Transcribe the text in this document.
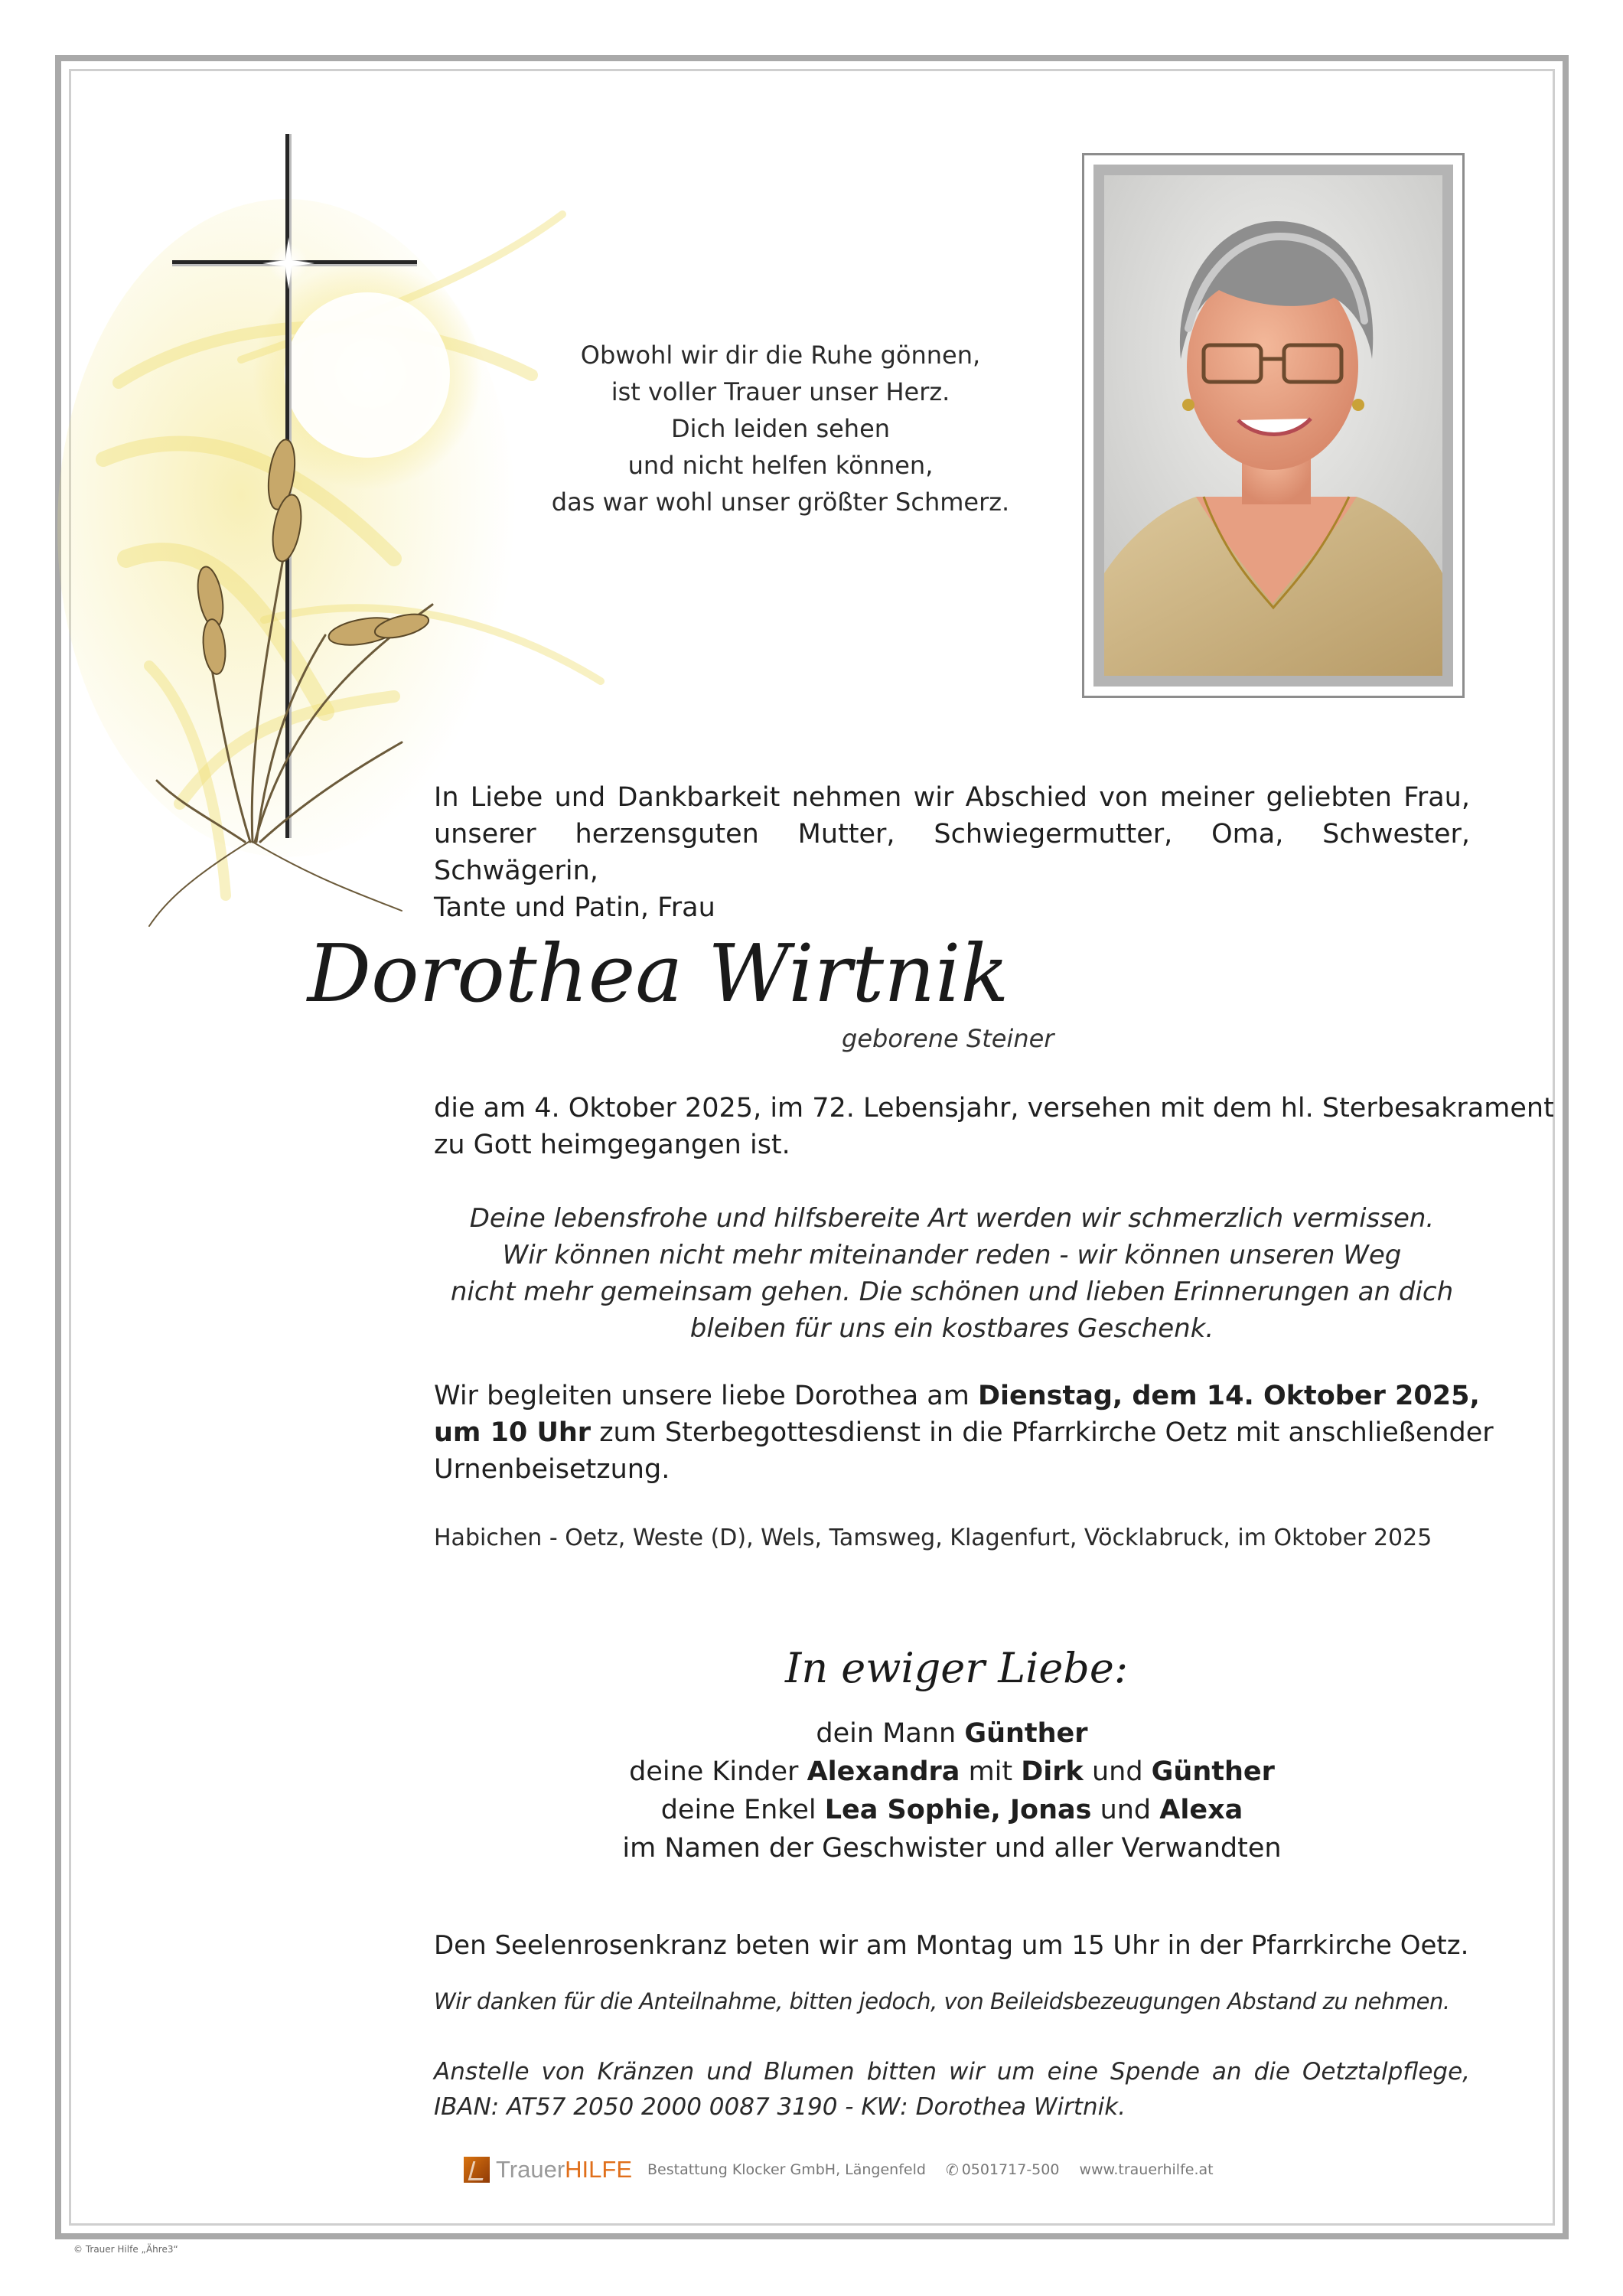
Obwohl wir dir die Ruhe gönnen,
ist voller Trauer unser Herz.
Dich leiden sehen
und nicht helfen können,
das war wohl unser größter Schmerz.
In Liebe und Dankbarkeit nehmen wir Abschied von meiner geliebten Frau,
unserer herzensguten Mutter, Schwiegermutter, Oma, Schwester, Schwägerin,
Tante und Patin, Frau
Dorothea Wirtnik
geborene Steiner
die am 4. Oktober 2025, im 72. Lebensjahr, versehen mit dem hl. Sterbesakrament
zu Gott heimgegangen ist.
Deine lebensfrohe und hilfsbereite Art werden wir schmerzlich vermissen.
Wir können nicht mehr miteinander reden - wir können unseren Weg
nicht mehr gemeinsam gehen. Die schönen und lieben Erinnerungen an dich
bleiben für uns ein kostbares Geschenk.
Wir begleiten unsere liebe Dorothea am Dienstag, dem 14. Oktober 2025,
um 10 Uhr zum Sterbegottesdienst in die Pfarrkirche Oetz mit anschließender
Urnenbeisetzung.
Habichen - Oetz, Weste (D), Wels, Tamsweg, Klagenfurt, Vöcklabruck, im Oktober 2025
In ewiger Liebe:
dein Mann Günther
deine Kinder Alexandra mit Dirk und Günther
deine Enkel Lea Sophie, Jonas und Alexa
im Namen der Geschwister und aller Verwandten
Den Seelenrosenkranz beten wir am Montag um 15 Uhr in der Pfarrkirche Oetz.
Wir danken für die Anteilnahme, bitten jedoch, von Beileidsbezeugungen Abstand zu nehmen.
Anstelle von Kränzen und Blumen bitten wir um eine Spende an die Oetztalpflege,
IBAN: AT57 2050 2000 0087 3190 - KW: Dorothea Wirtnik.
Trauer HILFE Bestattung Klocker GmbH, Längenfeld ✆ 0501717-500 www.trauerhilfe.at
© Trauer Hilfe „Ähre3“
